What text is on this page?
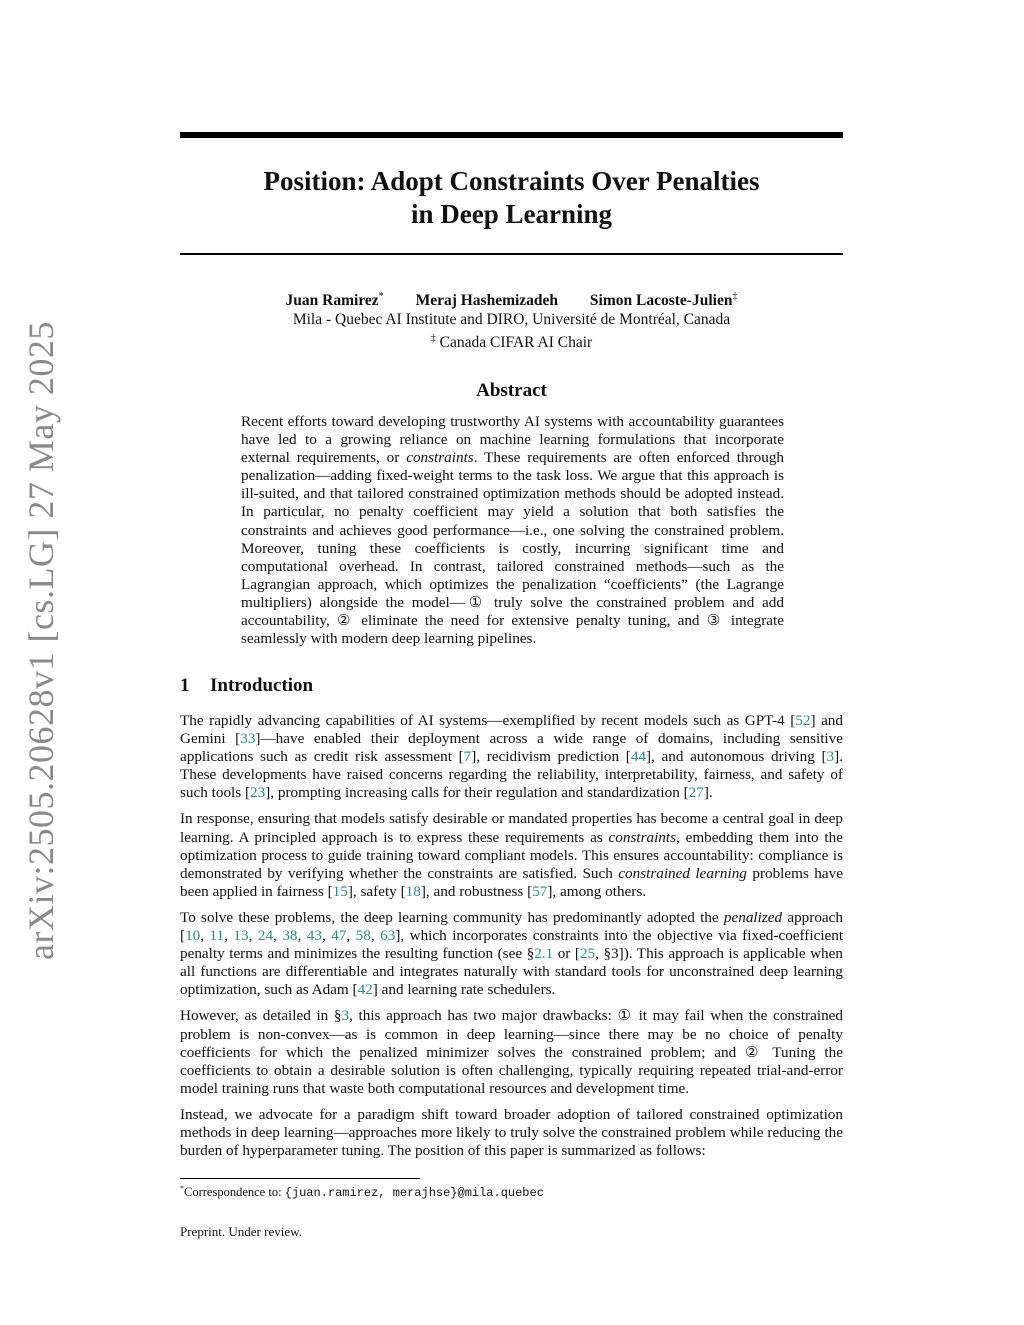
arXiv:2505.20628v1 [cs.LG] 27 May 2025
Position: Adopt Constraints Over Penalties
in Deep Learning
Juan Ramirez* Meraj Hashemizadeh Simon Lacoste-Julien‡
Mila - Quebec AI Institute and DIRO, Université de Montréal, Canada
‡ Canada CIFAR AI Chair
Abstract
Recent efforts toward developing trustworthy AI systems with accountability guarantees have led to a growing reliance on machine learning formulations that incorporate external requirements, or constraints. These requirements are often enforced through penalization—adding fixed-weight terms to the task loss. We argue that this approach is ill-suited, and that tailored constrained optimization methods should be adopted instead. In particular, no penalty coefficient may yield a solution that both satisfies the constraints and achieves good performance—i.e., one solving the constrained problem. Moreover, tuning these coefficients is costly, incurring significant time and computational overhead. In contrast, tailored constrained methods—such as the Lagrangian approach, which optimizes the penalization “coefficients” (the Lagrange multipliers) alongside the model—① truly solve the constrained problem and add accountability, ② eliminate the need for extensive penalty tuning, and ③ integrate seamlessly with modern deep learning pipelines.
1 Introduction

The rapidly advancing capabilities of AI systems—exemplified by recent models such as GPT-4 [52] and Gemini [33]—have enabled their deployment across a wide range of domains, including sensitive applications such as credit risk assessment [7], recidivism prediction [44], and autonomous driving [3]. These developments have raised concerns regarding the reliability, interpretability, fairness, and safety of such tools [23], prompting increasing calls for their regulation and standardization [27].

In response, ensuring that models satisfy desirable or mandated properties has become a central goal in deep learning. A principled approach is to express these requirements as constraints, embedding them into the optimization process to guide training toward compliant models. This ensures accountability: compliance is demonstrated by verifying whether the constraints are satisfied. Such constrained learning problems have been applied in fairness [15], safety [18], and robustness [57], among others.

To solve these problems, the deep learning community has predominantly adopted the penalized approach [10, 11, 13, 24, 38, 43, 47, 58, 63], which incorporates constraints into the objective via fixed-coefficient penalty terms and minimizes the resulting function (see §2.1 or [25, §3]). This approach is applicable when all functions are differentiable and integrates naturally with standard tools for unconstrained deep learning optimization, such as Adam [42] and learning rate schedulers.

However, as detailed in §3, this approach has two major drawbacks: ① it may fail when the constrained problem is non-convex—as is common in deep learning—since there may be no choice of penalty coefficients for which the penalized minimizer solves the constrained problem; and ② Tuning the coefficients to obtain a desirable solution is often challenging, typically requiring repeated trial-and-error model training runs that waste both computational resources and development time.

Instead, we advocate for a paradigm shift toward broader adoption of tailored constrained optimization methods in deep learning—approaches more likely to truly solve the constrained problem while reducing the burden of hyperparameter tuning. The position of this paper is summarized as follows:

*Correspondence to: {juan.ramirez, merajhse}@mila.quebec
Preprint. Under review.
